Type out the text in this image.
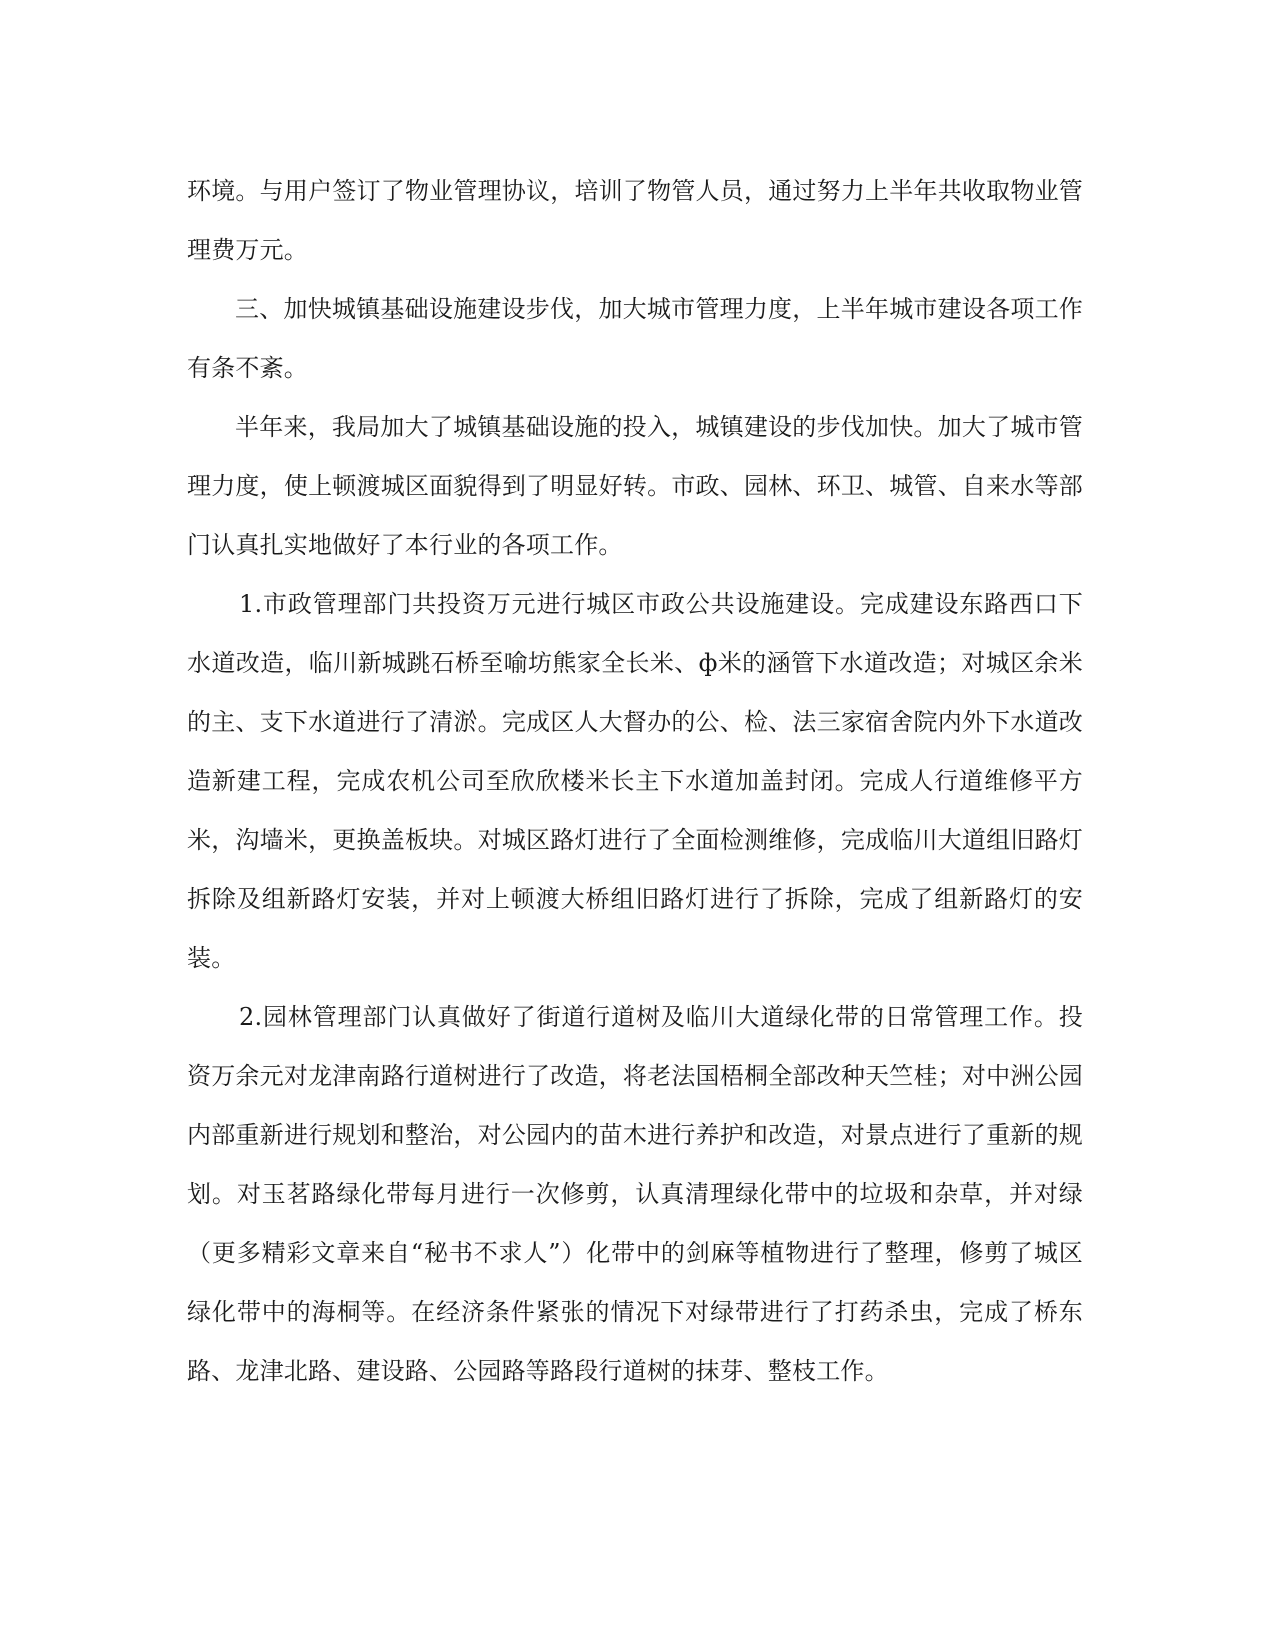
环境。与用户签订了物业管理协议，培训了物管人员，通过努力上半年共收取物业管理费万元。

三、加快城镇基础设施建设步伐，加大城市管理力度，上半年城市建设各项工作有条不紊。

半年来，我局加大了城镇基础设施的投入，城镇建设的步伐加快。加大了城市管理力度，使上顿渡城区面貌得到了明显好转。市政、园林、环卫、城管、自来水等部门认真扎实地做好了本行业的各项工作。

1.市政管理部门共投资万元进行城区市政公共设施建设。完成建设东路西口下水道改造，临川新城跳石桥至喻坊熊家全长米、ф米的涵管下水道改造；对城区余米的主、支下水道进行了清淤。完成区人大督办的公、检、法三家宿舍院内外下水道改造新建工程，完成农机公司至欣欣楼米长主下水道加盖封闭。完成人行道维修平方米，沟墙米，更换盖板块。对城区路灯进行了全面检测维修，完成临川大道组旧路灯拆除及组新路灯安装，并对上顿渡大桥组旧路灯进行了拆除，完成了组新路灯的安装。

2.园林管理部门认真做好了街道行道树及临川大道绿化带的日常管理工作。投资万余元对龙津南路行道树进行了改造，将老法国梧桐全部改种天竺桂；对中洲公园内部重新进行规划和整治，对公园内的苗木进行养护和改造，对景点进行了重新的规划。对玉茗路绿化带每月进行一次修剪，认真清理绿化带中的垃圾和杂草，并对绿（更多精彩文章来自“秘书不求人”）化带中的剑麻等植物进行了整理，修剪了城区绿化带中的海桐等。在经济条件紧张的情况下对绿带进行了打药杀虫，完成了桥东路、龙津北路、建设路、公园路等路段行道树的抹芽、整枝工作。
